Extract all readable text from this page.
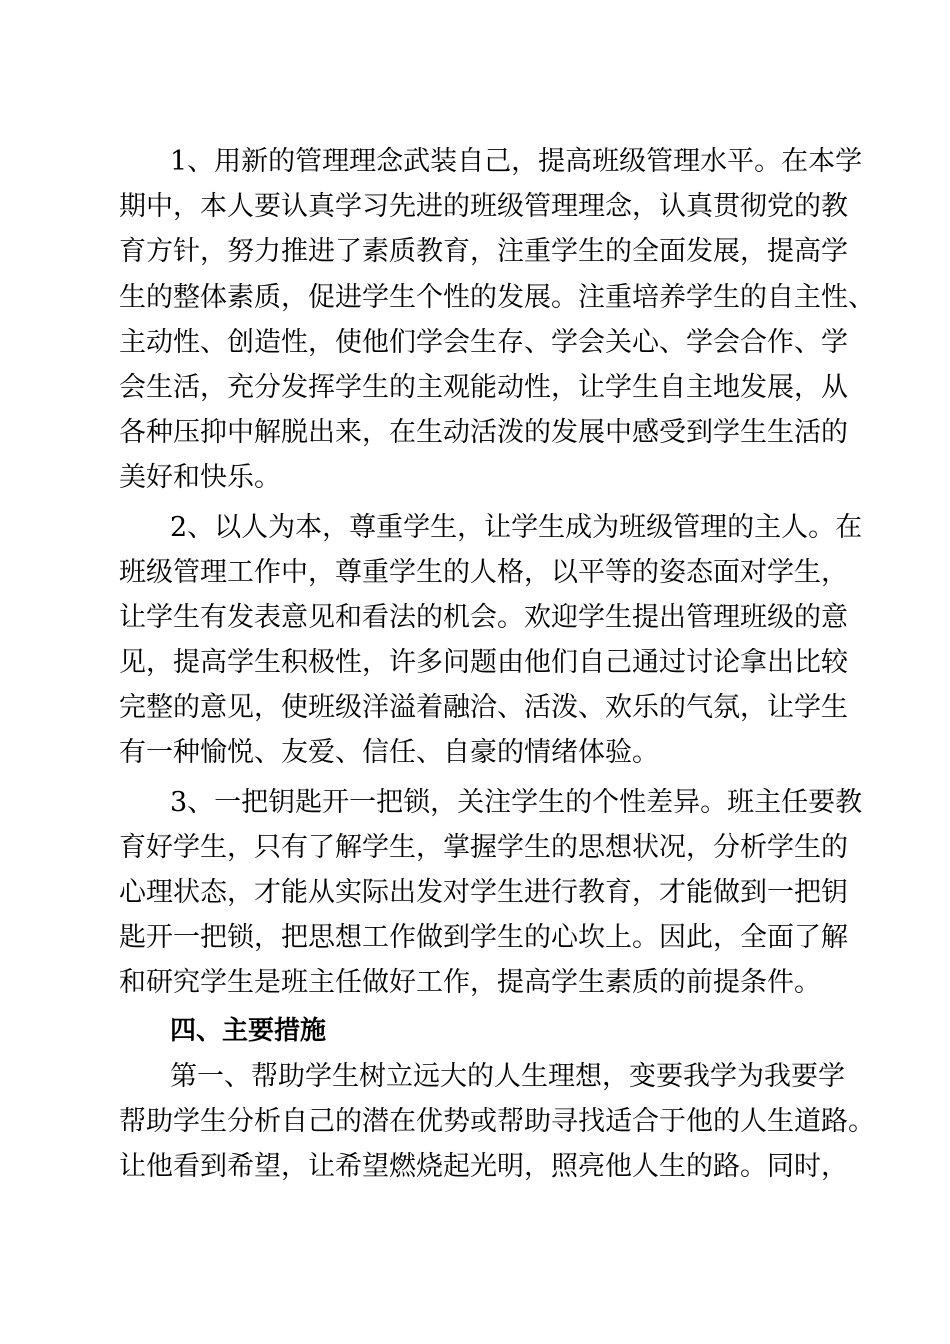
1、用新的管理理念武装自己，提高班级管理水平。在本学
期中，本人要认真学习先进的班级管理理念，认真贯彻党的教
育方针，努力推进了素质教育，注重学生的全面发展，提高学
生的整体素质，促进学生个性的发展。注重培养学生的自主性、
主动性、创造性，使他们学会生存、学会关心、学会合作、学
会生活，充分发挥学生的主观能动性，让学生自主地发展，从
各种压抑中解脱出来，在生动活泼的发展中感受到学生生活的
美好和快乐。
2、以人为本，尊重学生，让学生成为班级管理的主人。在
班级管理工作中，尊重学生的人格，以平等的姿态面对学生，
让学生有发表意见和看法的机会。欢迎学生提出管理班级的意
见，提高学生积极性，许多问题由他们自己通过讨论拿出比较
完整的意见，使班级洋溢着融洽、活泼、欢乐的气氛，让学生
有一种愉悦、友爱、信任、自豪的情绪体验。
3、一把钥匙开一把锁，关注学生的个性差异。班主任要教
育好学生，只有了解学生，掌握学生的思想状况，分析学生的
心理状态，才能从实际出发对学生进行教育，才能做到一把钥
匙开一把锁，把思想工作做到学生的心坎上。因此，全面了解
和研究学生是班主任做好工作，提高学生素质的前提条件。
四、主要措施
第一、帮助学生树立远大的人生理想，变要我学为我要学
帮助学生分析自己的潜在优势或帮助寻找适合于他的人生道路。
让他看到希望，让希望燃烧起光明，照亮他人生的路。同时，
